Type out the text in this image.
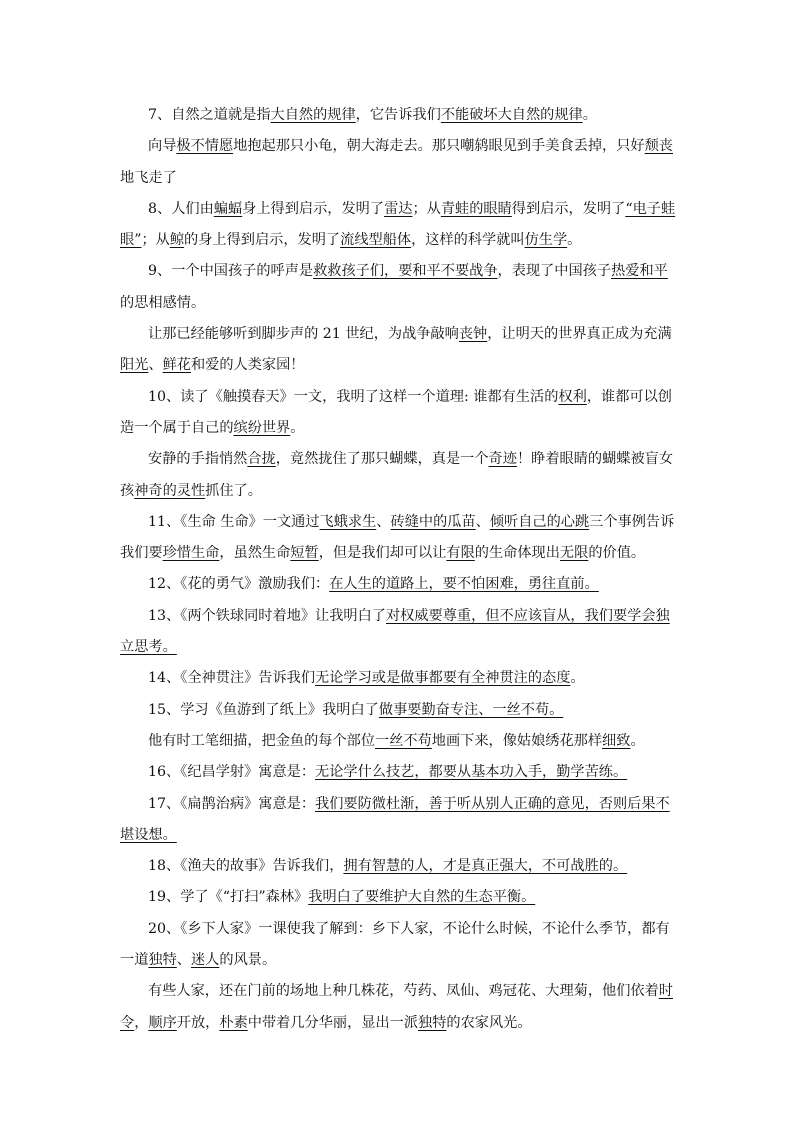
7、自然之道就是指大自然的规律，它告诉我们不能破坏大自然的规律。

向导极不情愿地抱起那只小龟，朝大海走去。那只嘲鸫眼见到手美食丢掉，只好颓丧地飞走了

8、人们由蝙蝠身上得到启示，发明了雷达；从青蛙的眼睛得到启示，发明了“电子蛙眼”；从鲸的身上得到启示，发明了流线型船体，这样的科学就叫仿生学。

9、一个中国孩子的呼声是救救孩子们，要和平不要战争，表现了中国孩子热爱和平的思相感情。

让那已经能够听到脚步声的 21 世纪，为战争敲响丧钟，让明天的世界真正成为充满阳光、鲜花和爱的人类家园！

10、读了《触摸春天》一文，我明了这样一个道理: 谁都有生活的权利，谁都可以创造一个属于自己的缤纷世界。

安静的手指悄然合拢，竟然拢住了那只蝴蝶，真是一个奇迹！睁着眼睛的蝴蝶被盲女孩神奇的灵性抓住了。

11、《生命 生命》一文通过飞蛾求生、砖缝中的瓜苗、倾听自己的心跳三个事例告诉我们要珍惜生命，虽然生命短暂，但是我们却可以让有限的生命体现出无限的价值。

12、《花的勇气》激励我们：在人生的道路上，要不怕困难，勇往直前。

13、《两个铁球同时着地》让我明白了对权威要尊重，但不应该盲从，我们要学会独立思考。

14、《全神贯注》告诉我们无论学习或是做事都要有全神贯注的态度。

15、学习《鱼游到了纸上》我明白了做事要勤奋专注、一丝不苟。

他有时工笔细描，把金鱼的每个部位一丝不苟地画下来，像姑娘绣花那样细致。

16、《纪昌学射》寓意是：无论学什么技艺，都要从基本功入手，勤学苦练。

17、《扁鹊治病》寓意是：我们要防微杜渐，善于听从别人正确的意见，否则后果不堪设想。

18、《渔夫的故事》告诉我们，拥有智慧的人，才是真正强大，不可战胜的。

19、学了《“打扫”森林》我明白了要维护大自然的生态平衡。

20、《乡下人家》一课使我了解到：乡下人家，不论什么时候，不论什么季节，都有一道独特、迷人的风景。

有些人家，还在门前的场地上种几株花，芍药、凤仙、鸡冠花、大理菊，他们依着时令，顺序开放，朴素中带着几分华丽，显出一派独特的农家风光。
